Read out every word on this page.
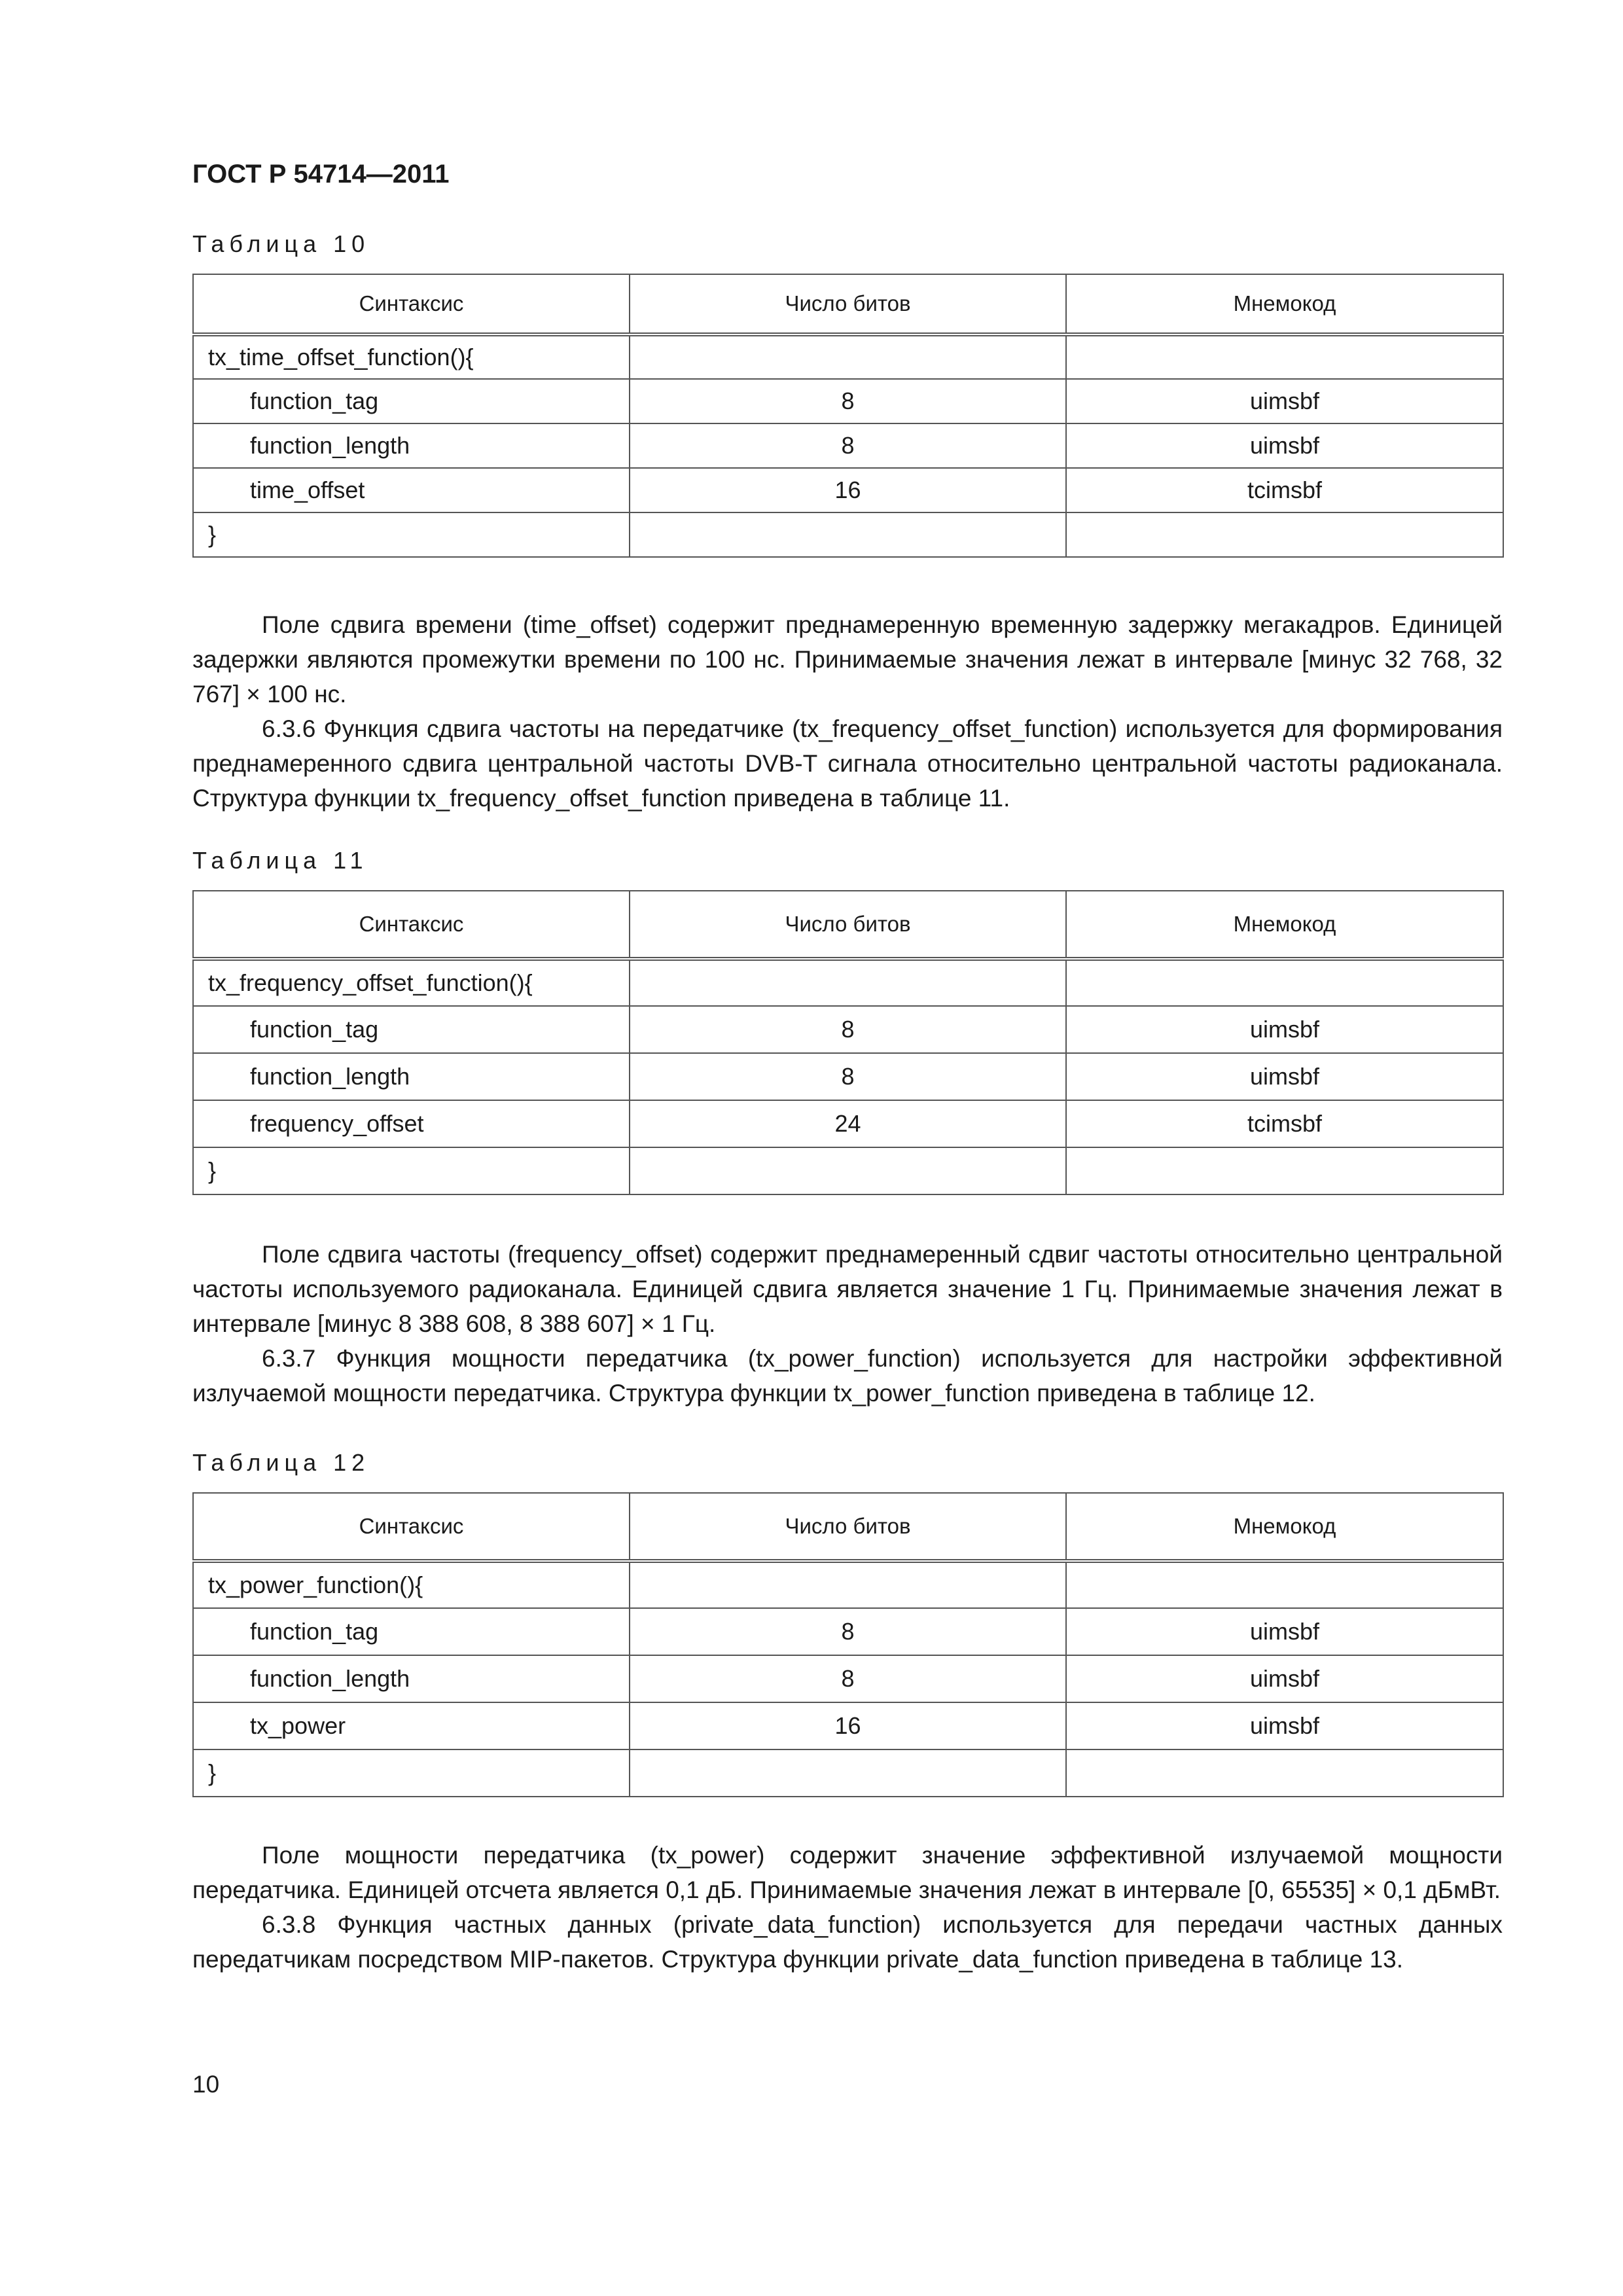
ГОСТ Р 54714—2011
Таблица 10
Синтаксис	Число битов	Мнемокод
tx_time_offset_function(){		
function_tag	8	uimsbf
function_length	8	uimsbf
time_offset	16	tcimsbf
}		

Поле сдвига времени (time_offset) содержит преднамеренную временную задержку мегакадров. Единицей задержки являются промежутки времени по 100 нс. Принимаемые значения лежат в интервале [минус 32 768, 32 767] × 100 нс.

6.3.6 Функция сдвига частоты на передатчике (tx_frequency_offset_function) используется для формирования преднамеренного сдвига центральной частоты DVB-T сигнала относительно центральной частоты радиоканала. Структура функции tx_frequency_offset_function приведена в таблице 11.

Таблица 11
Синтаксис	Число битов	Мнемокод
tx_frequency_offset_function(){		
function_tag	8	uimsbf
function_length	8	uimsbf
frequency_offset	24	tcimsbf
}		

Поле сдвига частоты (frequency_offset) содержит преднамеренный сдвиг частоты относительно центральной частоты используемого радиоканала. Единицей сдвига является значение 1 Гц. Принимаемые значения лежат в интервале [минус 8 388 608, 8 388 607] × 1 Гц.

6.3.7 Функция мощности передатчика (tx_power_function) используется для настройки эффективной излучаемой мощности передатчика. Структура функции tx_power_function приведена в таблице 12.

Таблица 12
Синтаксис	Число битов	Мнемокод
tx_power_function(){		
function_tag	8	uimsbf
function_length	8	uimsbf
tx_power	16	uimsbf
}		

Поле мощности передатчика (tx_power) содержит значение эффективной излучаемой мощности передатчика. Единицей отсчета является 0,1 дБ. Принимаемые значения лежат в интервале [0, 65535] × 0,1 дБмВт.

6.3.8 Функция частных данных (private_data_function) используется для передачи частных данных передатчикам посредством MIP-пакетов. Структура функции private_data_function приведена в таблице 13.

10
